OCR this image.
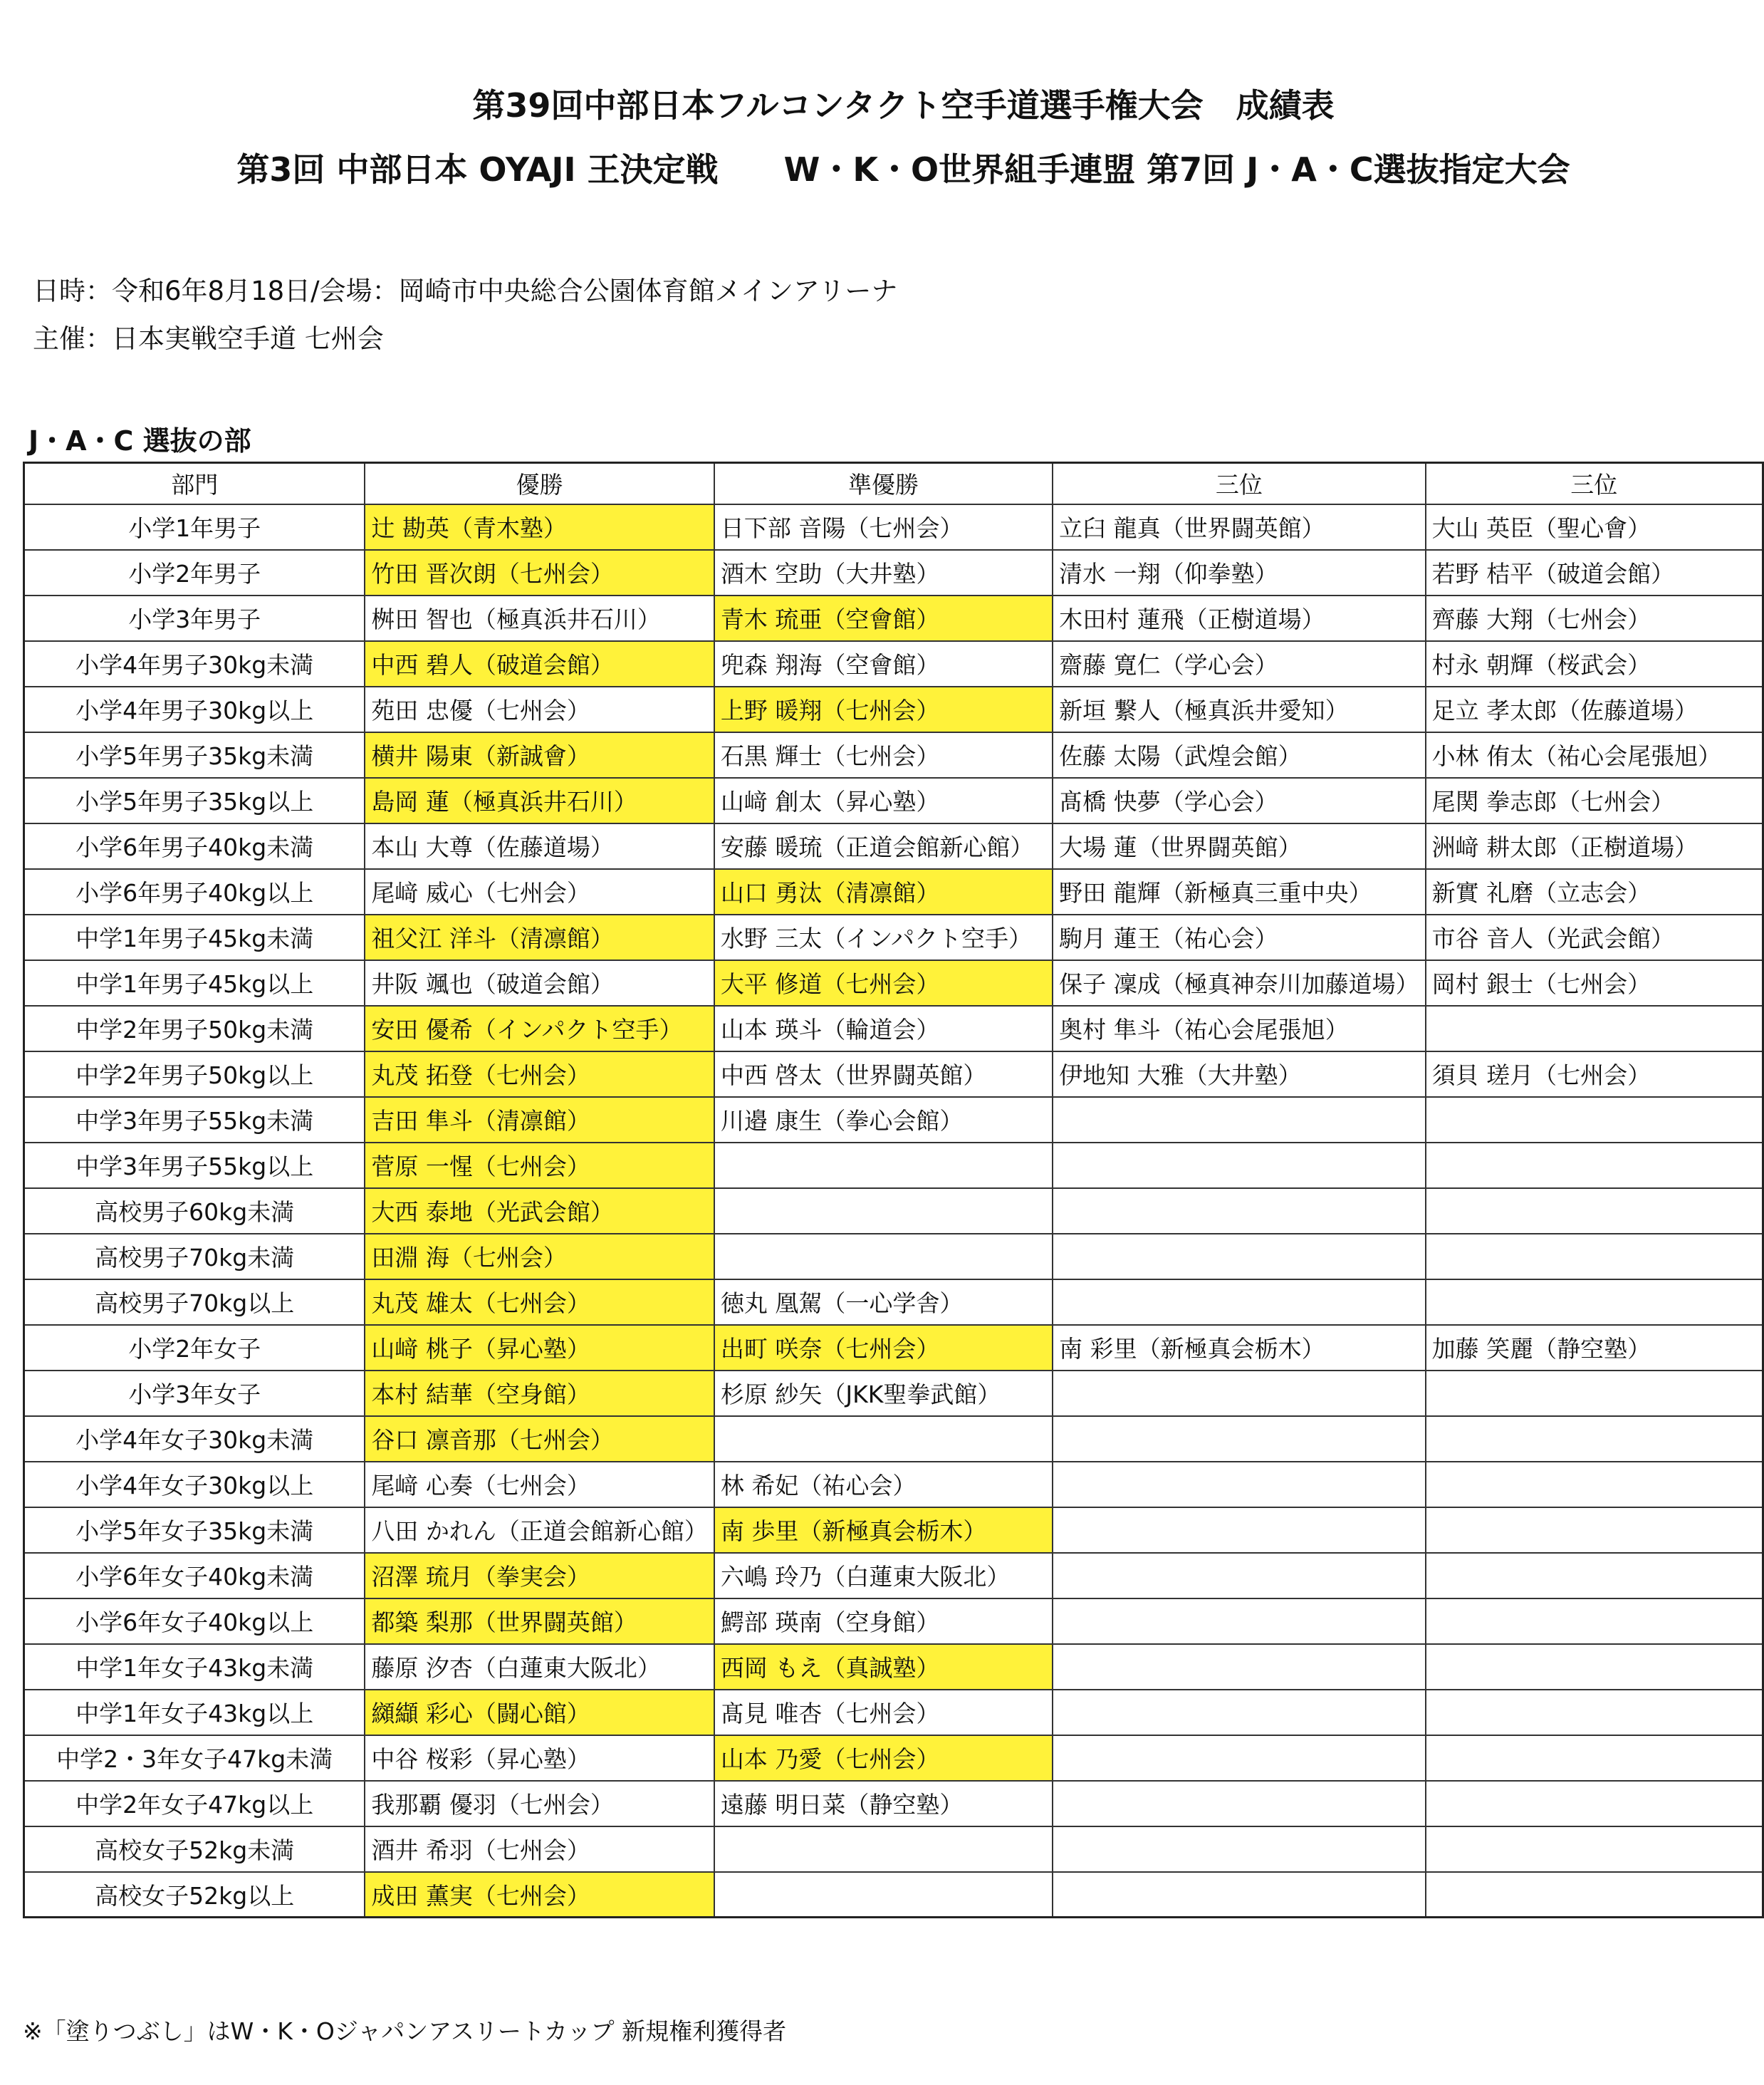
第39回中部日本フルコンタクト空手道選手権大会　成績表
第3回 中部日本 OYAJI 王決定戦　　W・K・O世界組手連盟 第7回 J・A・C選抜指定大会
日時：令和6年8月18日/会場：岡崎市中央総合公園体育館メインアリーナ
主催：日本実戦空手道 七州会
J・A・C 選抜の部
部門	優勝	準優勝	三位	三位
小学1年男子	辻 勘英（青木塾）	日下部 音陽（七州会）	立臼 龍真（世界闘英館）	大山 英臣（聖心會）
小学2年男子	竹田 晋次朗（七州会）	酒木 空助（大井塾）	清水 一翔（仰拳塾）	若野 桔平（破道会館）
小学3年男子	桝田 智也（極真浜井石川）	青木 琉亜（空會館）	木田村 蓮飛（正樹道場）	齊藤 大翔（七州会）
小学4年男子30kg未満	中西 碧人（破道会館）	兜森 翔海（空會館）	齋藤 寛仁（学心会）	村永 朝輝（桜武会）
小学4年男子30kg以上	苑田 忠優（七州会）	上野 暖翔（七州会）	新垣 繋人（極真浜井愛知）	足立 孝太郎（佐藤道場）
小学5年男子35kg未満	横井 陽東（新誠會）	石黒 輝士（七州会）	佐藤 太陽（武煌会館）	小林 侑太（祐心会尾張旭）
小学5年男子35kg以上	島岡 蓮（極真浜井石川）	山﨑 創太（昇心塾）	髙橋 快夢（学心会）	尾関 拳志郎（七州会）
小学6年男子40kg未満	本山 大尊（佐藤道場）	安藤 暖琉（正道会館新心館）	大場 蓮（世界闘英館）	洲﨑 耕太郎（正樹道場）
小学6年男子40kg以上	尾﨑 威心（七州会）	山口 勇汰（清凛館）	野田 龍輝（新極真三重中央）	新實 礼磨（立志会）
中学1年男子45kg未満	祖父江 洋斗（清凛館）	水野 三太（インパクト空手）	駒月 蓮王（祐心会）	市谷 音人（光武会館）
中学1年男子45kg以上	井阪 颯也（破道会館）	大平 修道（七州会）	保子 凜成（極真神奈川加藤道場）	岡村 銀士（七州会）
中学2年男子50kg未満	安田 優希（インパクト空手）	山本 瑛斗（輪道会）	奥村 隼斗（祐心会尾張旭）	
中学2年男子50kg以上	丸茂 拓登（七州会）	中西 啓太（世界闘英館）	伊地知 大雅（大井塾）	須貝 瑳月（七州会）
中学3年男子55kg未満	吉田 隼斗（清凛館）	川邉 康生（拳心会館）		
中学3年男子55kg以上	菅原 一惺（七州会）			
高校男子60kg未満	大西 泰地（光武会館）			
高校男子70kg未満	田淵 海（七州会）			
高校男子70kg以上	丸茂 雄太（七州会）	徳丸 凰駕（一心学舎）		
小学2年女子	山﨑 桃子（昇心塾）	出町 咲奈（七州会）	南 彩里（新極真会栃木）	加藤 笑麗（静空塾）
小学3年女子	本村 結華（空身館）	杉原 紗矢（JKK聖拳武館）		
小学4年女子30kg未満	谷口 凛音那（七州会）			
小学4年女子30kg以上	尾﨑 心奏（七州会）	林 希妃（祐心会）		
小学5年女子35kg未満	八田 かれん（正道会館新心館）	南 歩里（新極真会栃木）		
小学6年女子40kg未満	沼澤 琉月（拳実会）	六嶋 玲乃（白蓮東大阪北）		
小学6年女子40kg以上	都築 梨那（世界闘英館）	鰐部 瑛南（空身館）		
中学1年女子43kg未満	藤原 汐杏（白蓮東大阪北）	西岡 もえ（真誠塾）		
中学1年女子43kg以上	纐纈 彩心（闘心館）	髙見 唯杏（七州会）		
中学2・3年女子47kg未満	中谷 桜彩（昇心塾）	山本 乃愛（七州会）		
中学2年女子47kg以上	我那覇 優羽（七州会）	遠藤 明日菜（静空塾）		
高校女子52kg未満	酒井 希羽（七州会）			
高校女子52kg以上	成田 薫実（七州会）			
※「塗りつぶし」はW・K・Oジャパンアスリートカップ 新規権利獲得者
